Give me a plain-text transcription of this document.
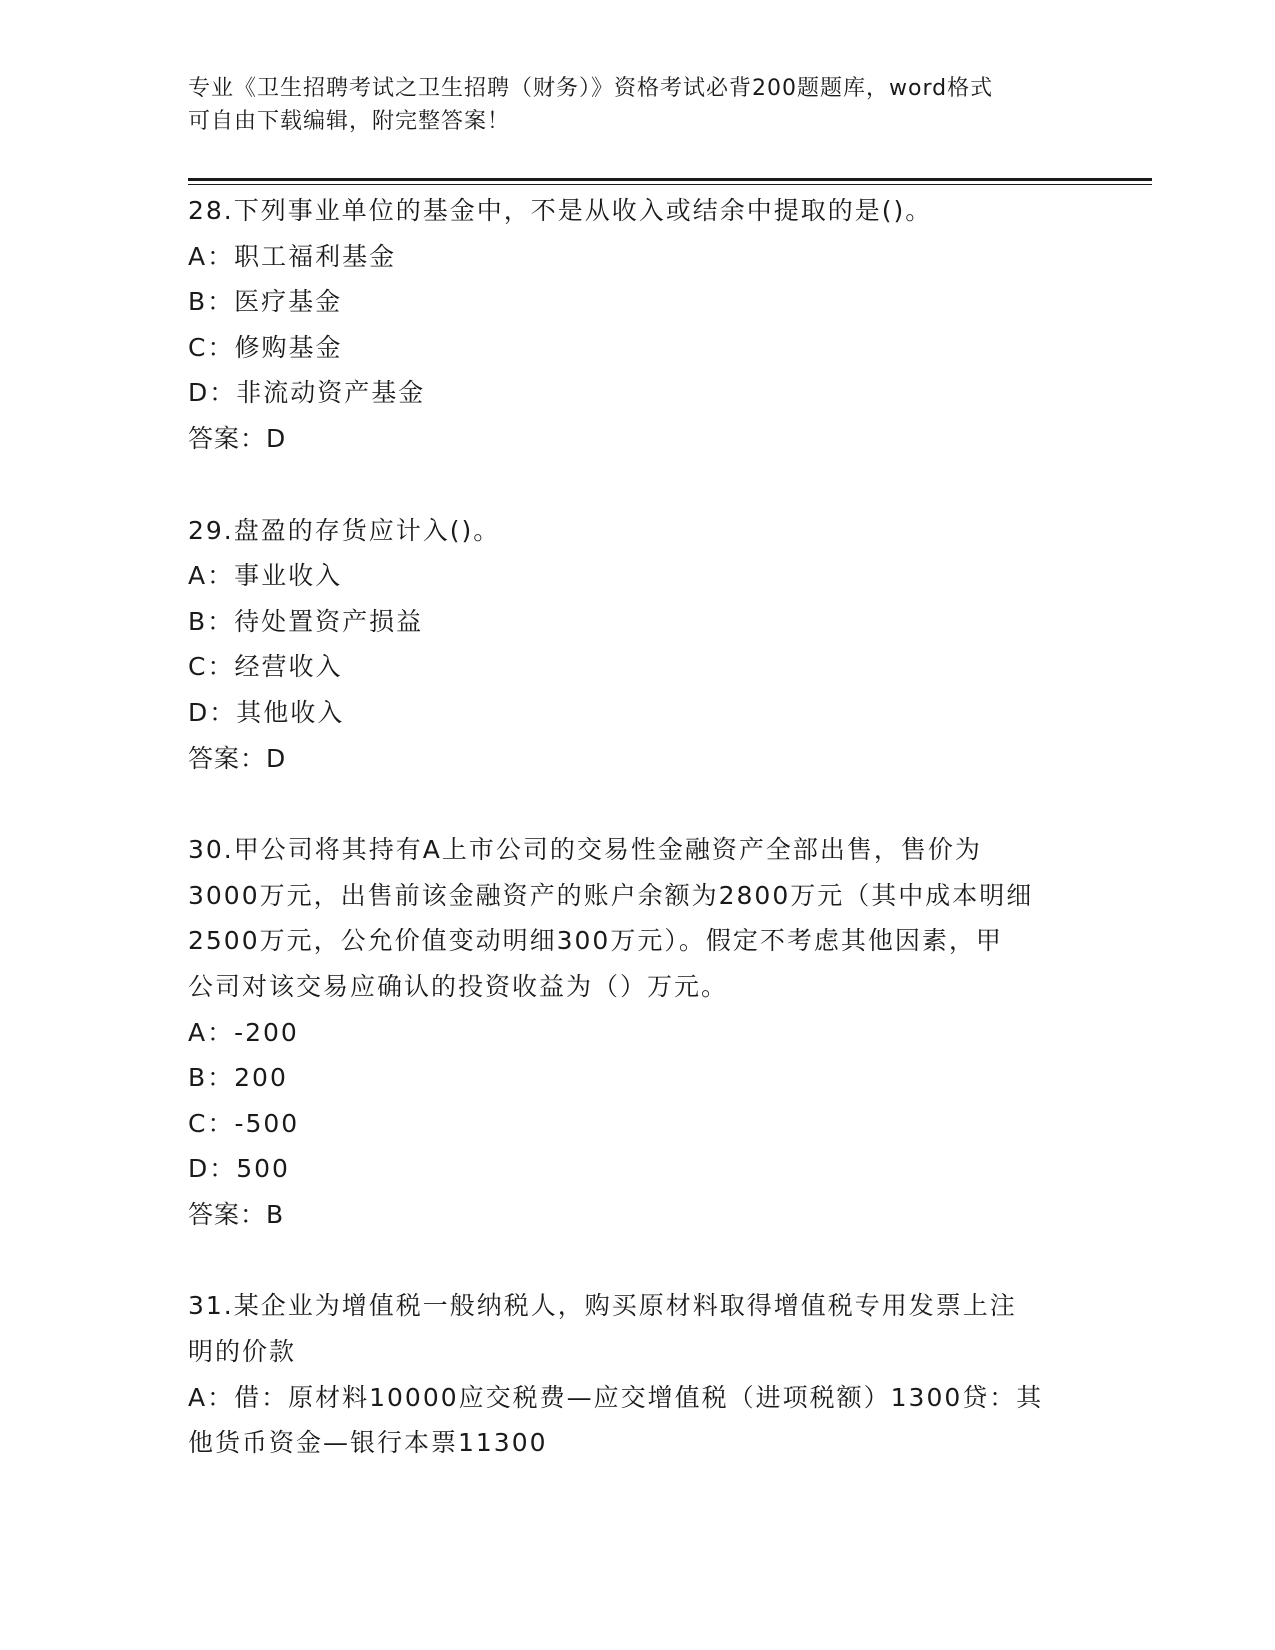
专业《卫生招聘考试之卫生招聘（财务）》资格考试必背200题题库，word格式
可自由下载编辑，附完整答案！
28.下列事业单位的基金中，不是从收入或结余中提取的是()。
A：职工福利基金
B：医疗基金
C：修购基金
D：非流动资产基金
答案：D
29.盘盈的存货应计入()。
A：事业收入
B：待处置资产损益
C：经营收入
D：其他收入
答案：D
30.甲公司将其持有A上市公司的交易性金融资产全部出售，售价为
3000万元，出售前该金融资产的账户余额为2800万元（其中成本明细
2500万元，公允价值变动明细300万元）。假定不考虑其他因素，甲
公司对该交易应确认的投资收益为（）万元。
A：-200
B：200
C：-500
D：500
答案：B
31.某企业为增值税一般纳税人，购买原材料取得增值税专用发票上注
明的价款
A：借：原材料10000应交税费—应交增值税（进项税额）1300贷：其
他货币资金—银行本票11300
